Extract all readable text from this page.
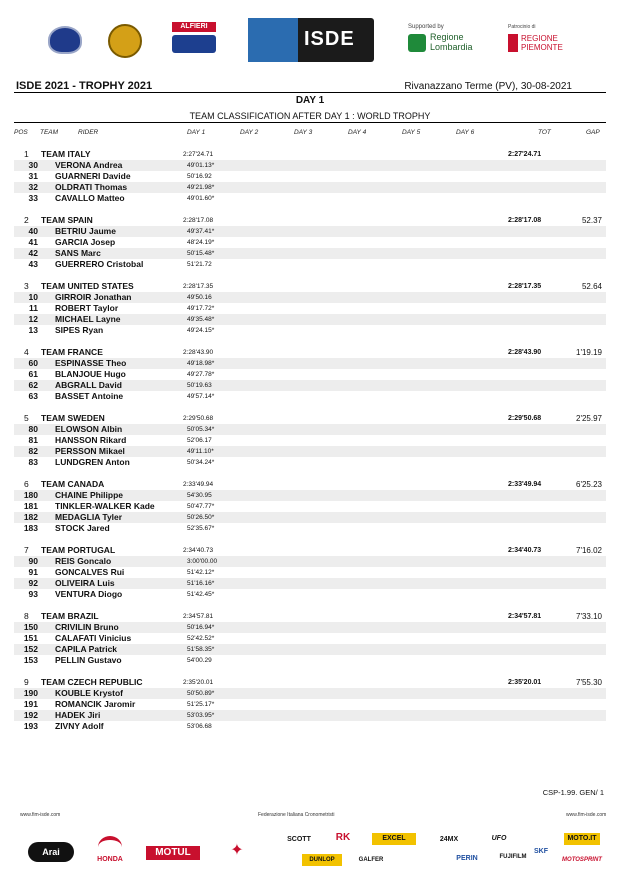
ALFIERI
ISDE
Supported by
Regione
Lombardia
Patrocinio di
REGIONE
PIEMONTE
ISDE 2021 - TROPHY 2021	Rivanazzano Terme (PV), 30-08-2021
DAY 1
TEAM CLASSIFICATION AFTER DAY 1 : WORLD TROPHY
POS TEAM	RIDER	DAY 1	DAY 2	DAY 3	DAY 4	DAY 5	DAY 6	TOT	GAP
1	TEAM ITALY	2:27'24.71	2:27'24.71
30 VERONA Andrea	49'01.13*
31 GUARNERI Davide	50'16.92
32 OLDRATI Thomas	49'21.98*
33 CAVALLO Matteo	49'01.60*
2	TEAM SPAIN	2:28'17.08	2:28'17.08	52.37
40 BETRIU Jaume	49'37.41*
41 GARCIA Josep	48'24.19*
42 SANS Marc	50'15.48*
43 GUERRERO Cristobal	51'21.72
3	TEAM UNITED STATES	2:28'17.35	2:28'17.35	52.64
10 GIRROIR Jonathan	49'50.16
11 ROBERT Taylor	49'17.72*
12 MICHAEL Layne	49'35.48*
13 SIPES Ryan	49'24.15*
4	TEAM FRANCE	2:28'43.90	2:28'43.90	1'19.19
60 ESPINASSE Theo	49'18.98*
61 BLANJOUE Hugo	49'27.78*
62 ABGRALL David	50'19.63
63 BASSET Antoine	49'57.14*
5	TEAM SWEDEN	2:29'50.68	2:29'50.68	2'25.97
80 ELOWSON Albin	50'05.34*
81 HANSSON Rikard	52'06.17
82 PERSSON Mikael	49'11.10*
83 LUNDGREN Anton	50'34.24*
6	TEAM CANADA	2:33'49.94	2:33'49.94	6'25.23
180 CHAINE Philippe	54'30.95
181 TINKLER-WALKER Kade	50'47.77*
182 MEDAGLIA Tyler	50'26.50*
183 STOCK Jared	52'35.67*
7	TEAM PORTUGAL	2:34'40.73	2:34'40.73	7'16.02
90 REIS Goncalo	3:00'00.00
91 GONCALVES Rui	51'42.12*
92 OLIVEIRA Luis	51'16.16*
93 VENTURA Diogo	51'42.45*
8	TEAM BRAZIL	2:34'57.81	2:34'57.81	7'33.10
150 CRIVILIN Bruno	50'16.94*
151 CALAFATI Vinicius	52'42.52*
152 CAPILA Patrick	51'58.35*
153 PELLIN Gustavo	54'00.29
9	TEAM CZECH REPUBLIC	2:35'20.01	2:35'20.01	7'55.30
190 KOUBLE Krystof	50'50.89*
191 ROMANCIK Jaromir	51'25.17*
192 HADEK Jiri	53'03.95*
193 ZIVNY Adolf	53'06.68
CSP-1.99. GEN/ 1
www.fim-isde.com	Federazione Italiana Cronometristi	www.fim-isde.com
Arai
HONDA
MOTUL	✦
SCOTT	RK	EXCEL	24MX	UFO
SKF
MOTO.IT
DUNLOP	GALFER	PERIN	FUJIFILM	MOTOSPRINT
